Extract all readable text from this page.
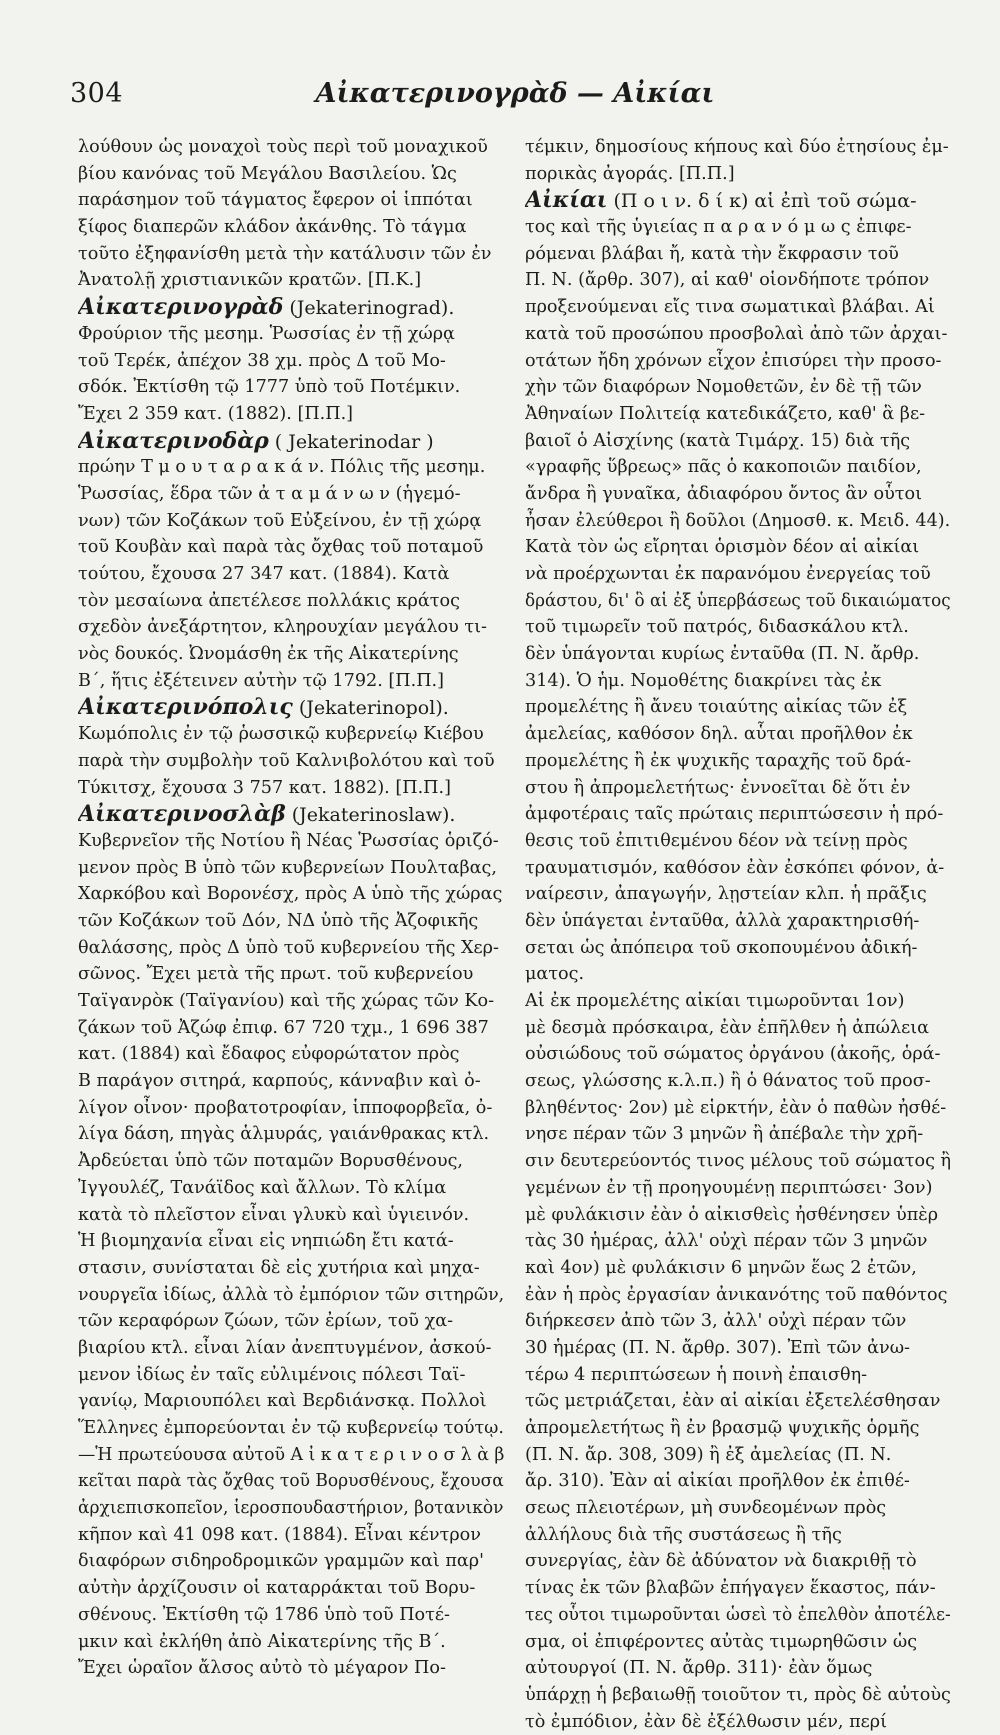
304	Αἰκατερινογρὰδ — Αἰκίαι
λούθουν ὡς μοναχοὶ τοὺς περὶ τοῦ μοναχικοῦ
βίου κανόνας τοῦ Μεγάλου Βασιλείου. Ὡς
παράσημον τοῦ τάγματος ἔφερον οἱ ἱππόται
ξίφος διαπερῶν κλάδον ἀκάνθης. Τὸ τάγμα
τοῦτο ἐξηφανίσθη μετὰ τὴν κατάλυσιν τῶν ἐν
Ἀνατολῇ χριστιανικῶν κρατῶν. [Π.Κ.]
Αἰκατερινογρὰδ (Jekaterinograd).
Φρούριον τῆς μεσημ. Ῥωσσίας ἐν τῇ χώρᾳ
τοῦ Τερέκ, ἀπέχον 38 χμ. πρὸς Δ τοῦ Μο-
σδόκ. Ἐκτίσθη τῷ 1777 ὑπὸ τοῦ Ποτέμκιν.
Ἔχει 2 359 κατ. (1882). [Π.Π.]
Αἰκατερινοδὰρ ( Jekaterinodar )
πρώην Τ μ ο υ τ α ρ α κ ά ν. Πόλις τῆς μεσημ.
Ῥωσσίας, ἕδρα τῶν ἀ τ α μ ά ν ω ν (ἡγεμό-
νων) τῶν Κοζάκων τοῦ Εὐξείνου, ἐν τῇ χώρᾳ
τοῦ Κουβὰν καὶ παρὰ τὰς ὄχθας τοῦ ποταμοῦ
τούτου, ἔχουσα 27 347 κατ. (1884). Κατὰ
τὸν μεσαίωνα ἀπετέλεσε πολλάκις κράτος
σχεδὸν ἀνεξάρτητον, κληρουχίαν μεγάλου τι-
νὸς δουκός. Ὠνομάσθη ἐκ τῆς Αἰκατερίνης
Β΄, ἥτις ἐξέτεινεν αὐτὴν τῷ 1792. [Π.Π.]
Αἰκατερινόπολις (Jekaterinopol).
Κωμόπολις ἐν τῷ ῥωσσικῷ κυβερνείῳ Κιέβου
παρὰ τὴν συμβολὴν τοῦ Καλνιβολότου καὶ τοῦ
Τύκιτσχ, ἔχουσα 3 757 κατ. 1882). [Π.Π.]
Αἰκατερινοσλὰβ (Jekaterinoslaw).
Κυβερνεῖον τῆς Νοτίου ἢ Νέας Ῥωσσίας ὁριζό-
μενον πρὸς Β ὑπὸ τῶν κυβερνείων Πουλταβας,
Χαρκόβου καὶ Βορονέσχ, πρὸς Α ὑπὸ τῆς χώρας
τῶν Κοζάκων τοῦ Δόν, ΝΔ ὑπὸ τῆς Ἀζοφικῆς
θαλάσσης, πρὸς Δ ὑπὸ τοῦ κυβερνείου τῆς Χερ-
σῶνος. Ἔχει μετὰ τῆς πρωτ. τοῦ κυβερνείου
Ταϊγανρὸκ (Ταϊγανίου) καὶ τῆς χώρας τῶν Κο-
ζάκων τοῦ Ἀζώφ ἐπιφ. 67 720 τχμ., 1 696 387
κατ. (1884) καὶ ἔδαφος εὐφορώτατον πρὸς
Β παράγον σιτηρά, καρπούς, κάνναβιν καὶ ὀ-
λίγον οἶνον· προβατοτροφίαν, ἱπποφορβεῖα, ὀ-
λίγα δάση, πηγὰς ἁλμυράς, γαιάνθρακας κτλ.
Ἀρδεύεται ὑπὸ τῶν ποταμῶν Βορυσθένους,
Ἰγγουλέζ, Τανάϊδος καὶ ἄλλων. Τὸ κλίμα
κατὰ τὸ πλεῖστον εἶναι γλυκὺ καὶ ὑγιεινόν.
Ἡ βιομηχανία εἶναι εἰς νηπιώδη ἔτι κατά-
στασιν, συνίσταται δὲ εἰς χυτήρια καὶ μηχα-
νουργεῖα ἰδίως, ἀλλὰ τὸ ἐμπόριον τῶν σιτηρῶν,
τῶν κεραφόρων ζώων, τῶν ἐρίων, τοῦ χα-
βιαρίου κτλ. εἶναι λίαν ἀνεπτυγμένον, ἀσκού-
μενον ἰδίως ἐν ταῖς εὐλιμένοις πόλεσι Ταϊ-
γανίῳ, Μαριουπόλει καὶ Βερδιάνσκᾳ. Πολλοὶ
Ἕλληνες ἐμπορεύονται ἐν τῷ κυβερνείῳ τούτῳ.
—Ἡ πρωτεύουσα αὐτοῦ Α ἰ κ α τ ε ρ ι ν ο σ λ ὰ β
κεῖται παρὰ τὰς ὄχθας τοῦ Βορυσθένους, ἔχουσα
ἀρχιεπισκοπεῖον, ἱεροσπουδαστήριον, βοτανικὸν
κῆπον καὶ 41 098 κατ. (1884). Εἶναι κέντρον
διαφόρων σιδηροδρομικῶν γραμμῶν καὶ παρ'
αὐτὴν ἀρχίζουσιν οἱ καταρράκται τοῦ Βορυ-
σθένους. Ἐκτίσθη τῷ 1786 ὑπὸ τοῦ Ποτέ-
μκιν καὶ ἐκλήθη ἀπὸ Αἰκατερίνης τῆς Β΄.
Ἔχει ὡραῖον ἄλσος αὐτὸ τὸ μέγαρον Πο-
τέμκιν, δημοσίους κήπους καὶ δύο ἐτησίους ἐμ-
πορικὰς ἀγοράς. [Π.Π.]
Αἰκίαι (Π ο ι ν. δ ί κ) αἱ ἐπὶ τοῦ σώμα-
τος καὶ τῆς ὑγιείας π α ρ α ν ό μ ω ς ἐπιφε-
ρόμεναι βλάβαι ἤ, κατὰ τὴν ἔκφρασιν τοῦ
Π. Ν. (ἄρθρ. 307), αἱ καθ' οἱονδήποτε τρόπον
προξενούμεναι εἴς τινα σωματικαὶ βλάβαι. Αἱ
κατὰ τοῦ προσώπου προσβολαὶ ἀπὸ τῶν ἀρχαι-
οτάτων ἤδη χρόνων εἶχον ἐπισύρει τὴν προσο-
χὴν τῶν διαφόρων Νομοθετῶν, ἐν δὲ τῇ τῶν
Ἀθηναίων Πολιτείᾳ κατεδικάζετο, καθ' ἃ βε-
βαιοῖ ὁ Αἰσχίνης (κατὰ Τιμάρχ. 15) διὰ τῆς
«γραφῆς ὕβρεως» πᾶς ὁ κακοποιῶν παιδίον,
ἄνδρα ἢ γυναῖκα, ἀδιαφόρου ὄντος ἂν οὗτοι
ἦσαν ἐλεύθεροι ἢ δοῦλοι (Δημοσθ. κ. Μειδ. 44).
Κατὰ τὸν ὡς εἴρηται ὁρισμὸν δέον αἱ αἰκίαι
νὰ προέρχωνται ἐκ παρανόμου ἐνεργείας τοῦ
δράστου, δι' ὃ αἱ ἐξ ὑπερβάσεως τοῦ δικαιώματος
τοῦ τιμωρεῖν τοῦ πατρός, διδασκάλου κτλ.
δὲν ὑπάγονται κυρίως ἐνταῦθα (Π. Ν. ἄρθρ.
314). Ὁ ἡμ. Νομοθέτης διακρίνει τὰς ἐκ
προμελέτης ἢ ἄνευ τοιαύτης αἰκίας τῶν ἐξ
ἀμελείας, καθόσον δηλ. αὗται προῆλθον ἐκ
προμελέτης ἢ ἐκ ψυχικῆς ταραχῆς τοῦ δρά-
στου ἢ ἀπρομελετήτως· ἐννοεῖται δὲ ὅτι ἐν
ἀμφοτέραις ταῖς πρώταις περιπτώσεσιν ἡ πρό-
θεσις τοῦ ἐπιτιθεμένου δέον νὰ τείνῃ πρὸς
τραυματισμόν, καθόσον ἐὰν ἐσκόπει φόνον, ἀ-
ναίρεσιν, ἀπαγωγήν, λῃστείαν κλπ. ἡ πρᾶξις
δὲν ὑπάγεται ἐνταῦθα, ἀλλὰ χαρακτηρισθή-
σεται ὡς ἀπόπειρα τοῦ σκοπουμένου ἀδική-
ματος.
Αἱ ἐκ προμελέτης αἰκίαι τιμωροῦνται 1ον)
μὲ δεσμὰ πρόσκαιρα, ἐὰν ἐπῆλθεν ἡ ἀπώλεια
οὐσιώδους τοῦ σώματος ὀργάνου (ἀκοῆς, ὁρά-
σεως, γλώσσης κ.λ.π.) ἢ ὁ θάνατος τοῦ προσ-
βληθέντος· 2ον) μὲ εἱρκτήν, ἐὰν ὁ παθὼν ἠσθέ-
νησε πέραν τῶν 3 μηνῶν ἢ ἀπέβαλε τὴν χρῆ-
σιν δευτερεύοντός τινος μέλους τοῦ σώματος ἢ
γεμένων ἐν τῇ προηγουμένῃ περιπτώσει· 3ον)
μὲ φυλάκισιν ἐὰν ὁ αἰκισθεὶς ἠσθένησεν ὑπὲρ
τὰς 30 ἡμέρας, ἀλλ' οὐχὶ πέραν τῶν 3 μηνῶν
καὶ 4ον) μὲ φυλάκισιν 6 μηνῶν ἕως 2 ἐτῶν,
ἐὰν ἡ πρὸς ἐργασίαν ἀνικανότης τοῦ παθόντος
διήρκεσεν ἀπὸ τῶν 3, ἀλλ' οὐχὶ πέραν τῶν
30 ἡμέρας (Π. Ν. ἄρθρ. 307). Ἐπὶ τῶν ἀνω-
τέρω 4 περιπτώσεων ἡ ποινὴ ἐπαισθη-
τῶς μετριάζεται, ἐὰν αἱ αἰκίαι ἐξετελέσθησαν
ἀπρομελετήτως ἢ ἐν βρασμῷ ψυχικῆς ὁρμῆς
(Π. Ν. ἄρ. 308, 309) ἢ ἐξ ἀμελείας (Π. Ν.
ἄρ. 310). Ἐὰν αἱ αἰκίαι προῆλθον ἐκ ἐπιθέ-
σεως πλειοτέρων, μὴ συνδεομένων πρὸς
ἀλλήλους διὰ τῆς συστάσεως ἢ τῆς
συνεργίας, ἐὰν δὲ ἀδύνατον νὰ διακριθῇ τὸ
τίνας ἐκ τῶν βλαβῶν ἐπήγαγεν ἕκαστος, πάν-
τες οὗτοι τιμωροῦνται ὡσεὶ τὸ ἐπελθὸν ἀποτέλε-
σμα, οἱ ἐπιφέροντες αὐτὰς τιμωρηθῶσιν ὡς
αὐτουργοί (Π. Ν. ἄρθρ. 311)· ἐὰν ὅμως
ὑπάρχῃ ἡ βεβαιωθῇ τοιοῦτον τι, πρὸς δὲ αὐτοὺς
τὸ ἐμπόδιον, ἐὰν δὲ ἐξέλθωσιν μέν, περί
